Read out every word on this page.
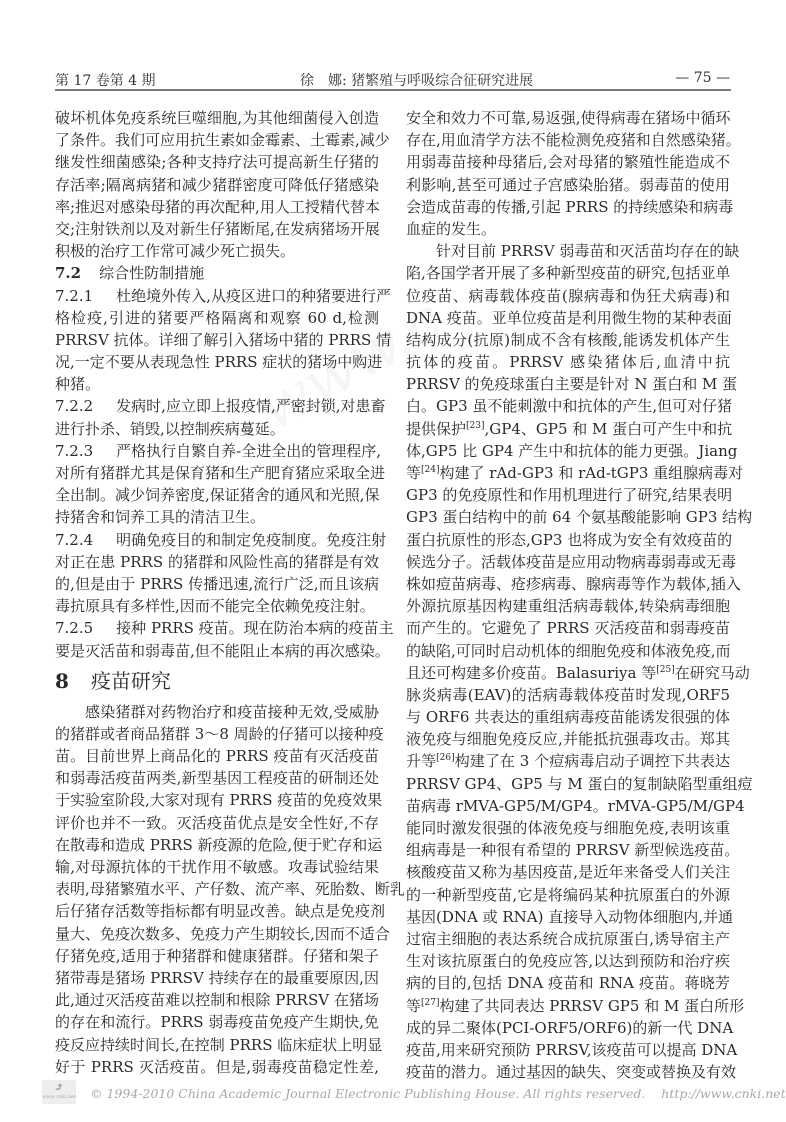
第 17 卷第 4 期	徐　娜: 猪繁殖与呼吸综合征研究进展	— 75 —
破坏机体免疫系统巨噬细胞,为其他细菌侵入创造
了条件。我们可应用抗生素如金霉素、土霉素,减少
继发性细菌感染;各种支持疗法可提高新生仔猪的
存活率;隔离病猪和减少猪群密度可降低仔猪感染
率;推迟对感染母猪的再次配种,用人工授精代替本
交;注射铁剂以及对新生仔猪断尾,在发病猪场开展
积极的治疗工作常可减少死亡损失。
7.2 综合性防制措施
7.2.1  杜绝境外传入,从疫区进口的种猪要进行严
格检疫,引进的猪要严格隔离和观察 60 d,检测
PRRSV 抗体。详细了解引入猪场中猪的 PRRS 情
况,一定不要从表现急性 PRRS 症状的猪场中购进
种猪。
7.2.2  发病时,应立即上报疫情,严密封锁,对患畜
进行扑杀、销毁,以控制疾病蔓延。
7.2.3  严格执行自繁自养-全进全出的管理程序,
对所有猪群尤其是保育猪和生产肥育猪应采取全进
全出制。减少饲养密度,保证猪舍的通风和光照,保
持猪舍和饲养工具的清洁卫生。
7.2.4  明确免疫目的和制定免疫制度。免疫注射
对正在患 PRRS 的猪群和风险性高的猪群是有效
的,但是由于 PRRS 传播迅速,流行广泛,而且该病
毒抗原具有多样性,因而不能完全依赖免疫注射。
7.2.5  接种 PRRS 疫苗。现在防治本病的疫苗主
要是灭活苗和弱毒苗,但不能阻止本病的再次感染。
8 疫苗研究
感染猪群对药物治疗和疫苗接种无效,受威胁
的猪群或者商品猪群 3～8 周龄的仔猪可以接种疫
苗。目前世界上商品化的 PRRS 疫苗有灭活疫苗
和弱毒活疫苗两类,新型基因工程疫苗的研制还处
于实验室阶段,大家对现有 PRRS 疫苗的免疫效果
评价也并不一致。灭活疫苗优点是安全性好,不存
在散毒和造成 PRRS 新疫源的危险,便于贮存和运
输,对母源抗体的干扰作用不敏感。攻毒试验结果
表明,母猪繁殖水平、产仔数、流产率、死胎数、断乳
后仔猪存活数等指标都有明显改善。缺点是免疫剂
量大、免疫次数多、免疫力产生期较长,因而不适合
仔猪免疫,适用于种猪群和健康猪群。仔猪和架子
猪带毒是猪场 PRRSV 持续存在的最重要原因,因
此,通过灭活疫苗难以控制和根除 PRRSV 在猪场
的存在和流行。PRRS 弱毒疫苗免疫产生期快,免
疫反应持续时间长,在控制 PRRS 临床症状上明显
好于 PRRS 灭活疫苗。但是,弱毒疫苗稳定性差,
安全和效力不可靠,易返强,使得病毒在猪场中循环
存在,用血清学方法不能检测免疫猪和自然感染猪。
用弱毒苗接种母猪后,会对母猪的繁殖性能造成不
利影响,甚至可通过子宫感染胎猪。弱毒苗的使用
会造成苗毒的传播,引起 PRRS 的持续感染和病毒
血症的发生。
针对目前 PRRSV 弱毒苗和灭活苗均存在的缺
陷,各国学者开展了多种新型疫苗的研究,包括亚单
位疫苗、病毒载体疫苗(腺病毒和伪狂犬病毒)和
DNA 疫苗。亚单位疫苗是利用微生物的某种表面
结构成分(抗原)制成不含有核酸,能诱发机体产生
抗体的疫苗。PRRSV 感染猪体后,血清中抗
PRRSV 的免疫球蛋白主要是针对 N 蛋白和 M 蛋
白。GP3 虽不能刺激中和抗体的产生,但可对仔猪
提供保护[23],GP4、GP5 和 M 蛋白可产生中和抗
体,GP5 比 GP4 产生中和抗体的能力更强。Jiang
等[24]构建了 rAd-GP3 和 rAd-tGP3 重组腺病毒对
GP3 的免疫原性和作用机理进行了研究,结果表明
GP3 蛋白结构中的前 64 个氨基酸能影响 GP3 结构
蛋白抗原性的形态,GP3 也将成为安全有效疫苗的
候选分子。活载体疫苗是应用动物病毒弱毒或无毒
株如痘苗病毒、疮疹病毒、腺病毒等作为载体,插入
外源抗原基因构建重组活病毒载体,转染病毒细胞
而产生的。它避免了 PRRS 灭活疫苗和弱毒疫苗
的缺陷,可同时启动机体的细胞免疫和体液免疫,而
且还可构建多价疫苗。Balasuriya 等[25]在研究马动
脉炎病毒(EAV)的活病毒载体疫苗时发现,ORF5
与 ORF6 共表达的重组病毒疫苗能诱发很强的体
液免疫与细胞免疫反应,并能抵抗强毒攻击。郑其
升等[26]构建了在 3 个痘病毒启动子调控下共表达
PRRSV GP4、GP5 与 M 蛋白的复制缺陷型重组痘
苗病毒 rMVA-GP5/M/GP4。rMVA-GP5/M/GP4
能同时激发很强的体液免疫与细胞免疫,表明该重
组病毒是一种很有希望的 PRRSV 新型候选疫苗。
核酸疫苗又称为基因疫苗,是近年来备受人们关注
的一种新型疫苗,它是将编码某种抗原蛋白的外源
基因(DNA 或 RNA) 直接导入动物体细胞内,并通
过宿主细胞的表达系统合成抗原蛋白,诱导宿主产
生对该抗原蛋白的免疫应答,以达到预防和治疗疾
病的目的,包括 DNA 疫苗和 RNA 疫苗。蒋晓芳
等[27]构建了共同表达 PRRSV GP5 和 M 蛋白所形
成的异二聚体(PCI-ORF5/ORF6)的新一代 DNA
疫苗,用来研究预防 PRRSV,该疫苗可以提高 DNA
疫苗的潜力。通过基因的缺失、突变或替换及有效
⤴
www.cnki.net © 1994-2010 China Academic Journal Electronic Publishing House. All rights reserved.    http://www.cnki.net
